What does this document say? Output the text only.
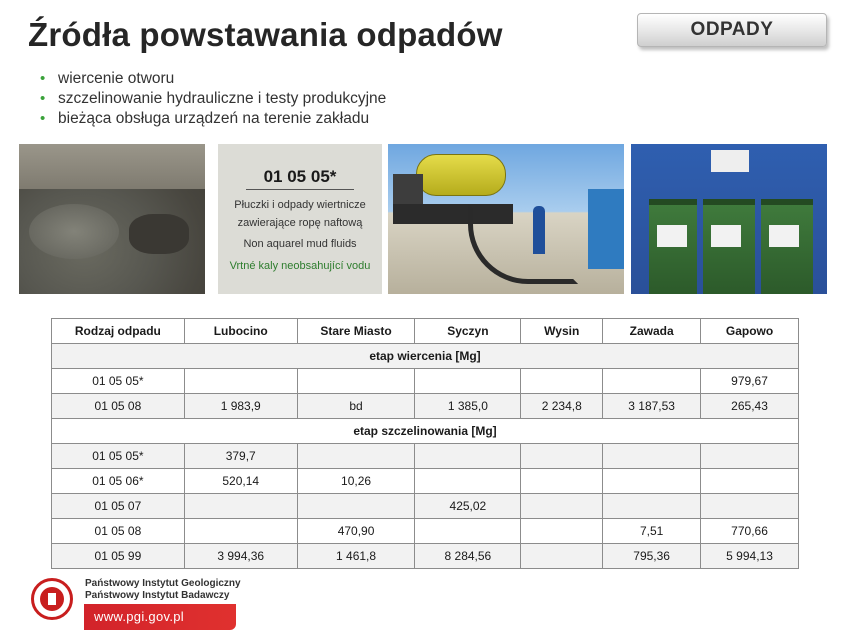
Źródła powstawania odpadów	ODPADY
• wiercenie otworu
• szczelinowanie hydrauliczne i testy produkcyjne
• bieżąca obsługa urządzeń na terenie zakładu
01 05 05*
Płuczki i odpady wiertnicze
zawierające ropę naftową
Non aquarel mud fluids
Vrtné kaly neobsahující vodu
Rodzaj odpadu	Lubocino	Stare Miasto	Syczyn	Wysin	Zawada	Gapowo
etap wiercenia [Mg]						
01 05 05*						979,67
01 05 08	1 983,9	bd	1 385,0	2 234,8	3 187,53	265,43
etap szczelinowania [Mg]						
01 05 05*	379,7					
01 05 06*	520,14	10,26				
01 05 07			425,02			
01 05 08		470,90			7,51	770,66
01 05 99	3 994,36	1 461,8	8 284,56		795,36	5 994,13
Państwowy Instytut Geologiczny
Państwowy Instytut Badawczy
www.pgi.gov.pl
